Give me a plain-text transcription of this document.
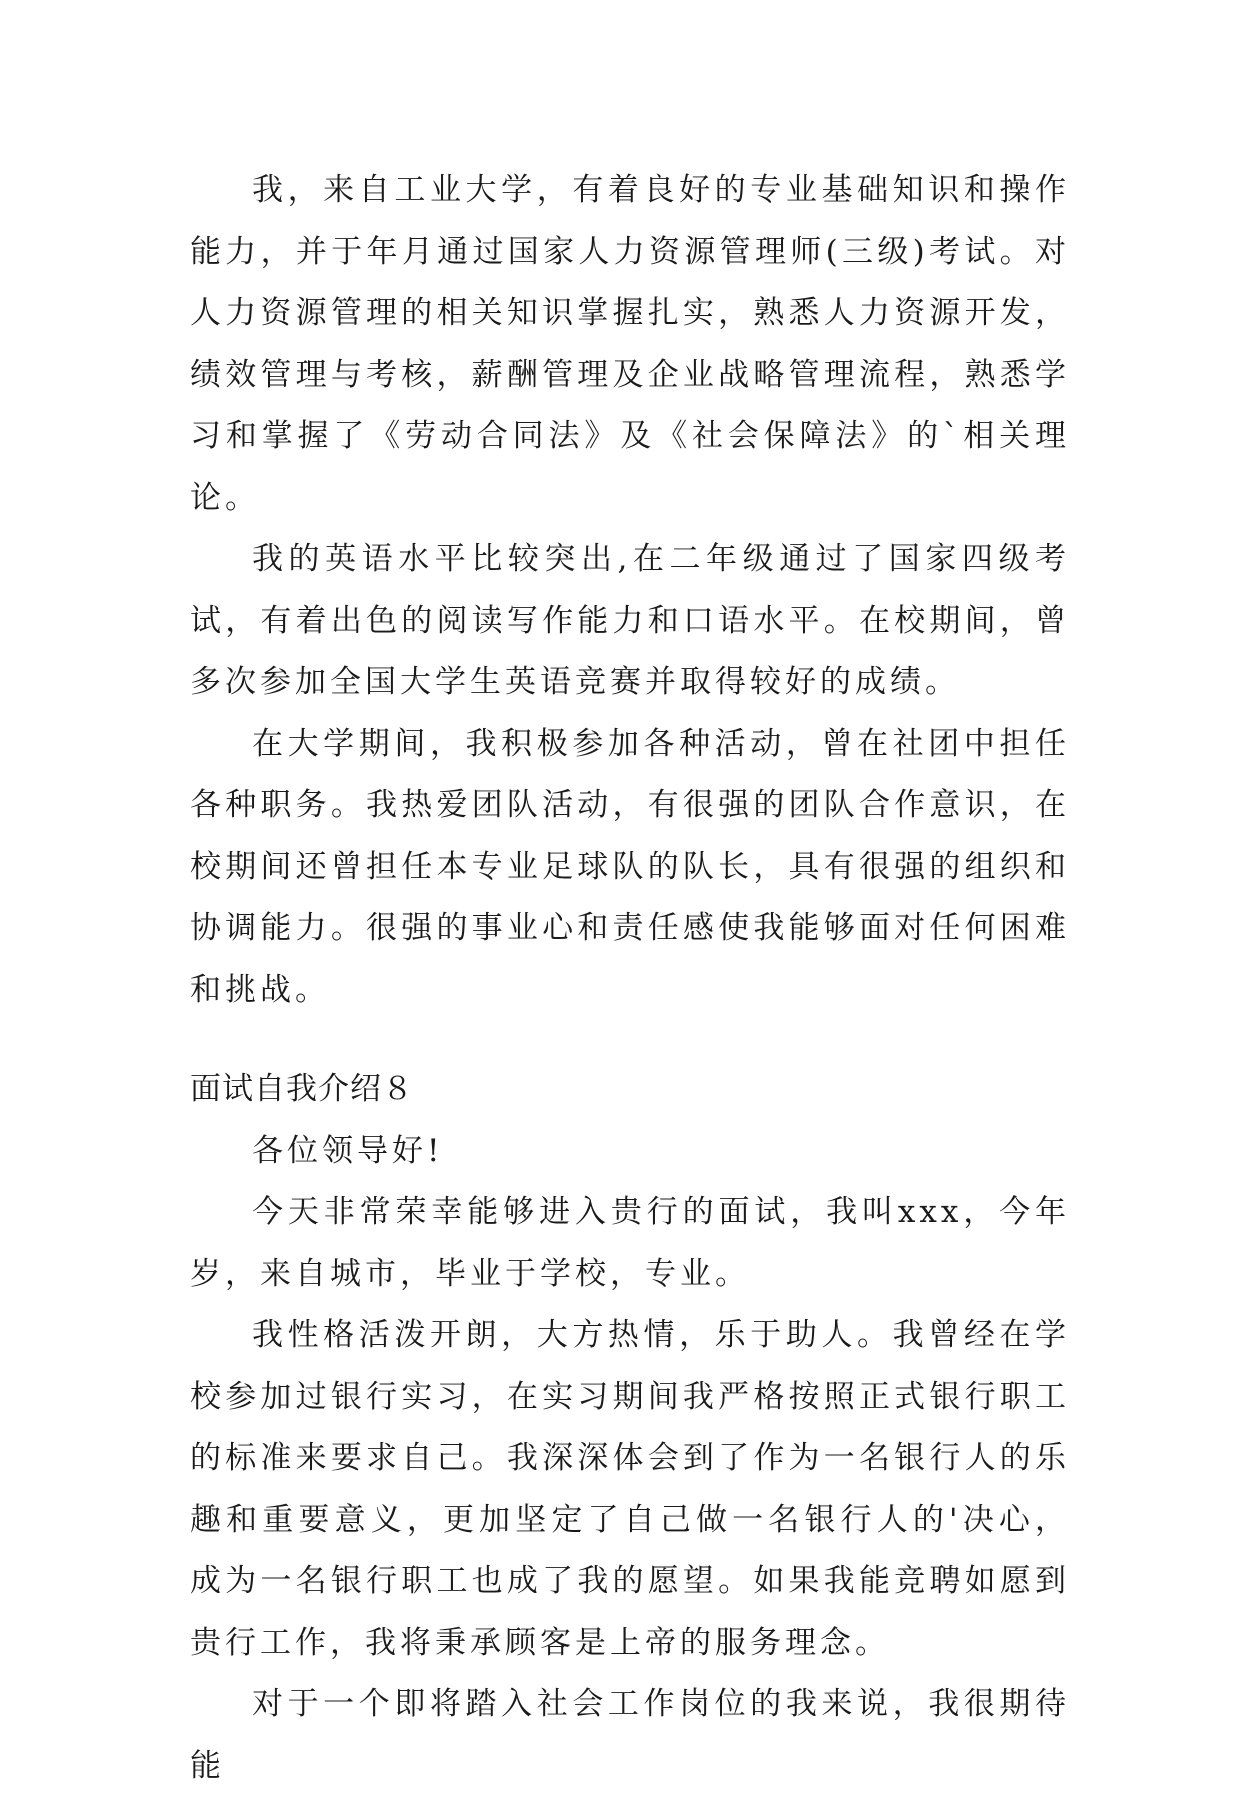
我，来自工业大学，有着良好的专业基础知识和操作能力，并于年月通过国家人力资源管理师(三级)考试。对人力资源管理的相关知识掌握扎实，熟悉人力资源开发，绩效管理与考核，薪酬管理及企业战略管理流程，熟悉学习和掌握了《劳动合同法》及《社会保障法》的`相关理论。

我的英语水平比较突出,在二年级通过了国家四级考试，有着出色的阅读写作能力和口语水平。在校期间，曾多次参加全国大学生英语竞赛并取得较好的成绩。

在大学期间，我积极参加各种活动，曾在社团中担任各种职务。我热爱团队活动，有很强的团队合作意识，在校期间还曾担任本专业足球队的队长，具有很强的组织和协调能力。很强的事业心和责任感使我能够面对任何困难和挑战。

面试自我介绍８

各位领导好!

今天非常荣幸能够进入贵行的面试，我叫xxx，今年岁，来自城市，毕业于学校，专业。

我性格活泼开朗，大方热情，乐于助人。我曾经在学校参加过银行实习，在实习期间我严格按照正式银行职工的标准来要求自己。我深深体会到了作为一名银行人的乐趣和重要意义，更加坚定了自己做一名银行人的'决心，成为一名银行职工也成了我的愿望。如果我能竞聘如愿到贵行工作，我将秉承顾客是上帝的服务理念。

对于一个即将踏入社会工作岗位的我来说，我很期待能
